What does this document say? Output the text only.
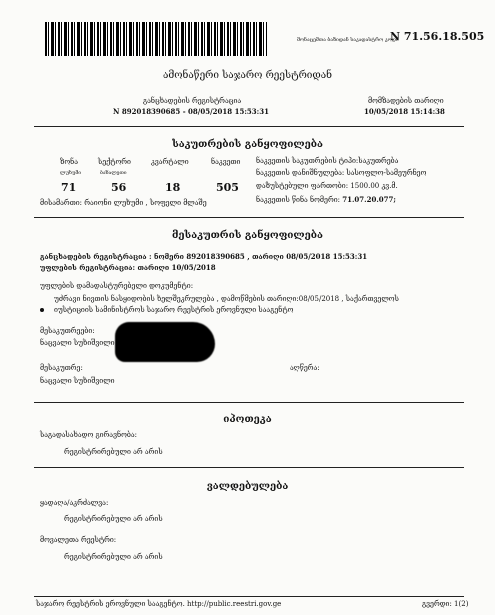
მონაცემთა ბაზიდან საკადასტრო კოდი
N 71.56.18.505
ამონაწერი საჯარო რეესტრიდან
განცხადების რეგისტრაცია
N 892018390685 - 08/05/2018 15:53:31
მომზადების თარიღი
10/05/2018 15:14:38
საკუთრების განყოფილება
ზონა	სექტორი	კვარტალი	ნაკვეთი
ლუხუმი	ბაზალეთი
71	56	18	505
ნაკვეთის საკუთრების ტიპი:საკუთრება
ნაკვეთის დანიშნულება: სასოფლო-სამეურნეო
დაზუსტებული ფართობი: 1500.00 კვ.მ.
ნაკვეთის წინა ნომერი: 71.07.20.077;
მისამართი: რაიონი ლუხუმი , სოფელი მლაშე
მესაკუთრის განყოფილება
განცხადების რეგისტრაცია : ნომერი 892018390685 , თარიღი 08/05/2018 15:53:31
უფლების რეგისტრაცია: თარიღი 10/05/2018
უფლების დამადასტურებელი დოკუმენტი:
უძრავი ნივთის ნასყიდობის ხელშეკრულება , დამოწმების თარიღი:08/05/2018 , საქართველოს იუსტიციის სამინისტროს საჯარო რეესტრის ეროვნული სააგენტო
მესაკუთრეები:
ნაცვალი სუხიშვილი
მესაკუთრე:
ნაცვალი სუხიშვილი
აღწერა:
იპოთეკა
საგადასახადო გირავნობა:
რეგისტრირებული არ არის
ვალდებულება
ყადაღა/აკრძალვა:
რეგისტრირებული არ არის
მოვალეთა რეესტრი:
რეგისტრირებული არ არის
საჯარო რეესტრის ეროვნული სააგენტო. http://public.reestri.gov.ge	გვერდი: 1(2)
